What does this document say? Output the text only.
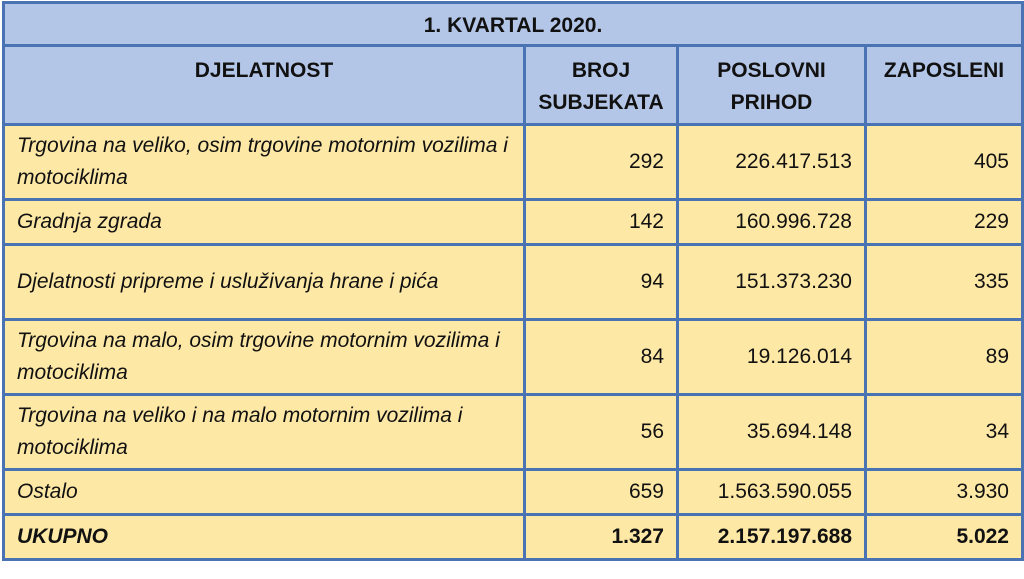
1. KVARTAL 2020.			
DJELATNOST	BROJ SUBJEKATA	POSLOVNI PRIHOD	ZAPOSLENI
Trgovina na veliko, osim trgovine motornim vozilima i motociklima	292	226.417.513	405
Gradnja zgrada	142	160.996.728	229
Djelatnosti pripreme i usluživanja hrane i pića	94	151.373.230	335
Trgovina na malo, osim trgovine motornim vozilima i motociklima	84	19.126.014	89
Trgovina na veliko i na malo motornim vozilima i motociklima	56	35.694.148	34
Ostalo	659	1.563.590.055	3.930
UKUPNO	1.327	2.157.197.688	5.022
